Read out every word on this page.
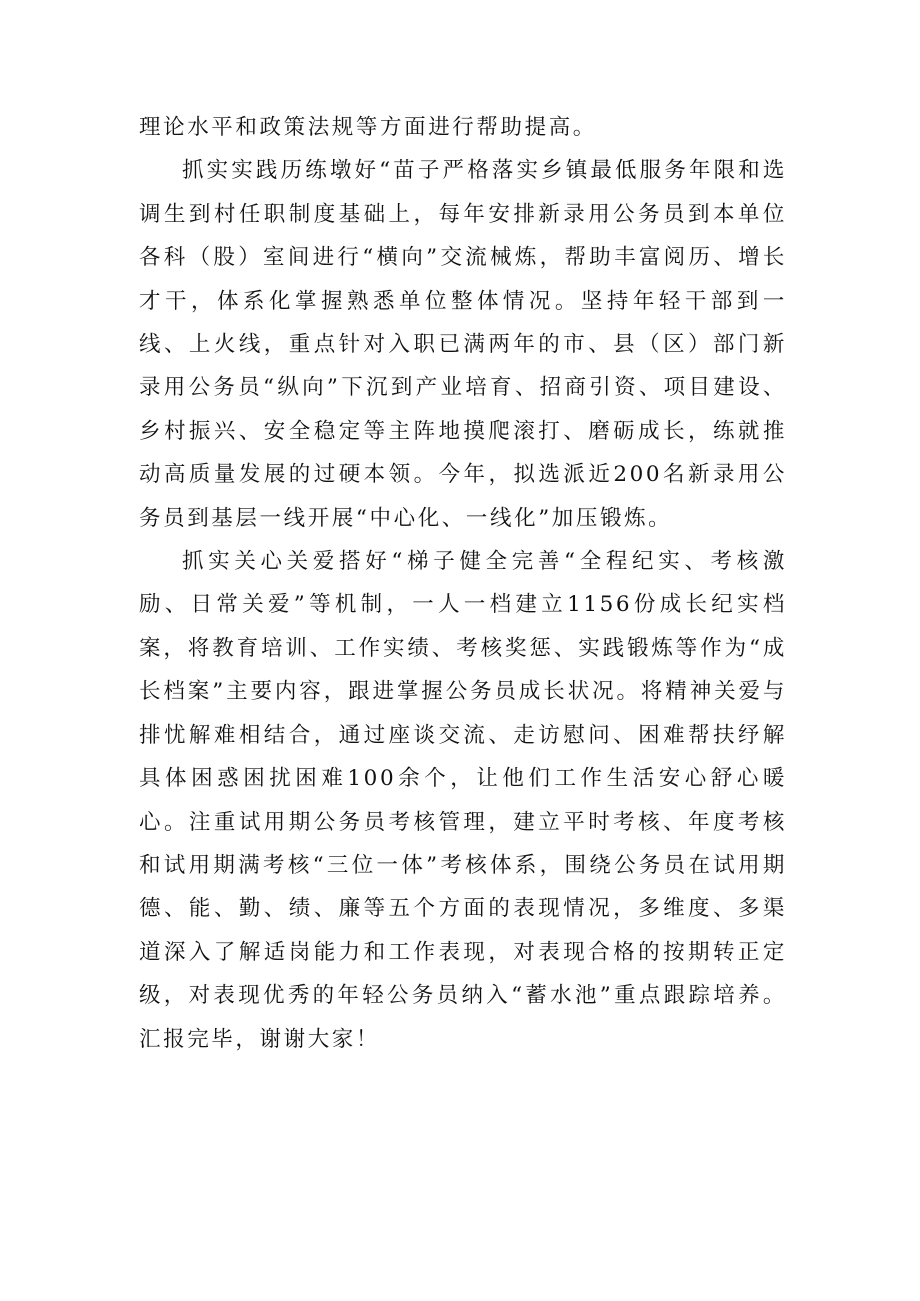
理论水平和政策法规等方面进行帮助提高。

抓实实践历练墩好“苗子严格落实乡镇最低服务年限和选调生到村任职制度基础上，每年安排新录用公务员到本单位各科（股）室间进行“横向”交流械炼，帮助丰富阅历、增长才干，体系化掌握熟悉单位整体情况。坚持年轻干部到一线、上火线，重点针对入职已满两年的市、县（区）部门新录用公务员“纵向”下沉到产业培育、招商引资、项目建设、乡村振兴、安全稳定等主阵地摸爬滚打、磨砺成长，练就推动高质量发展的过硬本领。今年，拟选派近200名新录用公务员到基层一线开展“中心化、一线化”加压锻炼。

抓实关心关爱搭好“梯子健全完善“全程纪实、考核激励、日常关爱”等机制，一人一档建立1156份成长纪实档案，将教育培训、工作实绩、考核奖惩、实践锻炼等作为“成长档案”主要内容，跟进掌握公务员成长状况。将精神关爱与排忧解难相结合，通过座谈交流、走访慰问、困难帮扶纾解具体困惑困扰困难100余个，让他们工作生活安心舒心暖心。注重试用期公务员考核管理，建立平时考核、年度考核和试用期满考核“三位一体”考核体系，围绕公务员在试用期德、能、勤、绩、廉等五个方面的表现情况，多维度、多渠道深入了解适岗能力和工作表现，对表现合格的按期转正定级，对表现优秀的年轻公务员纳入“蓄水池”重点跟踪培养。汇报完毕，谢谢大家！
